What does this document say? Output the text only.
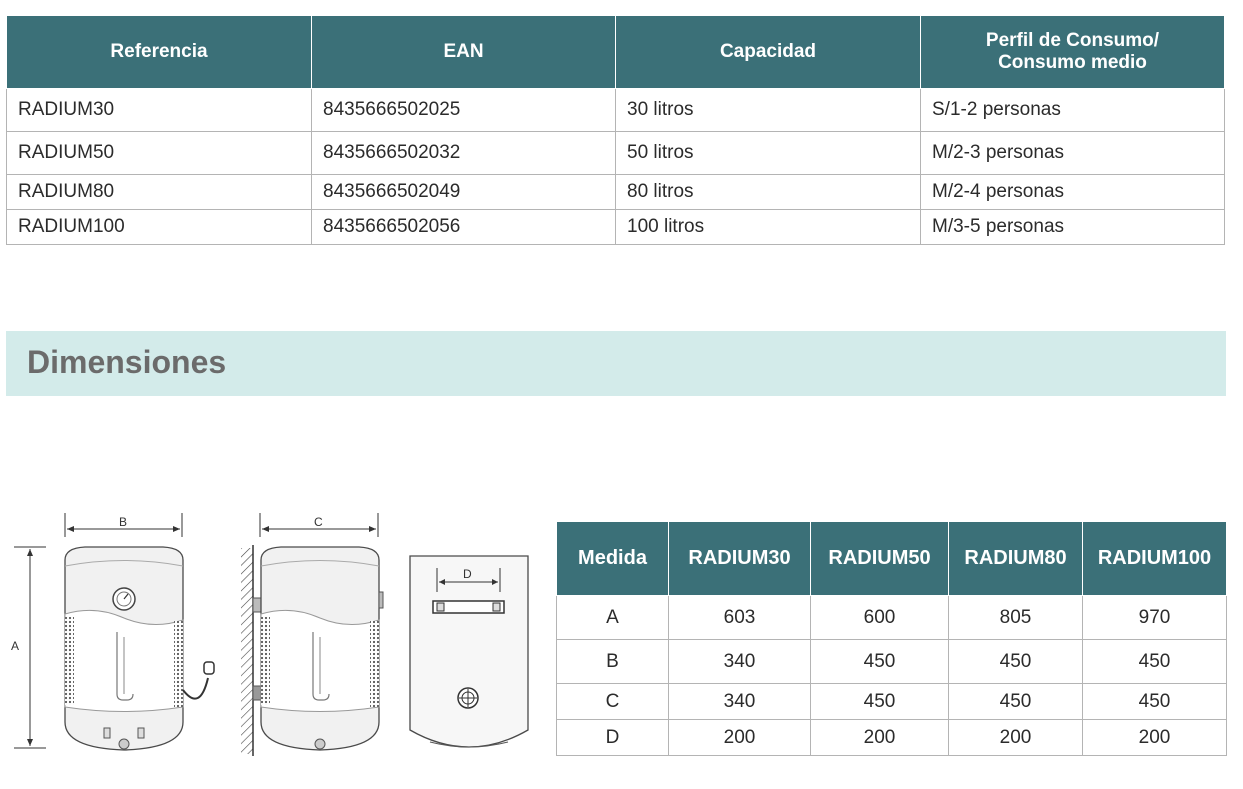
Referencia	EAN	Capacidad	Perfil de Consumo/
Consumo medio
RADIUM30	8435666502025	30 litros	S/1-2 personas
RADIUM50	8435666502032	50 litros	M/2-3 personas
RADIUM80	8435666502049	80 litros	M/2-4 personas
RADIUM100	8435666502056	100 litros	M/3-5 personas
Dimensiones
A
B	C
D
Medida	RADIUM30	RADIUM50	RADIUM80	RADIUM100
A	603	600	805	970
B	340	450	450	450
C	340	450	450	450
D	200	200	200	200
